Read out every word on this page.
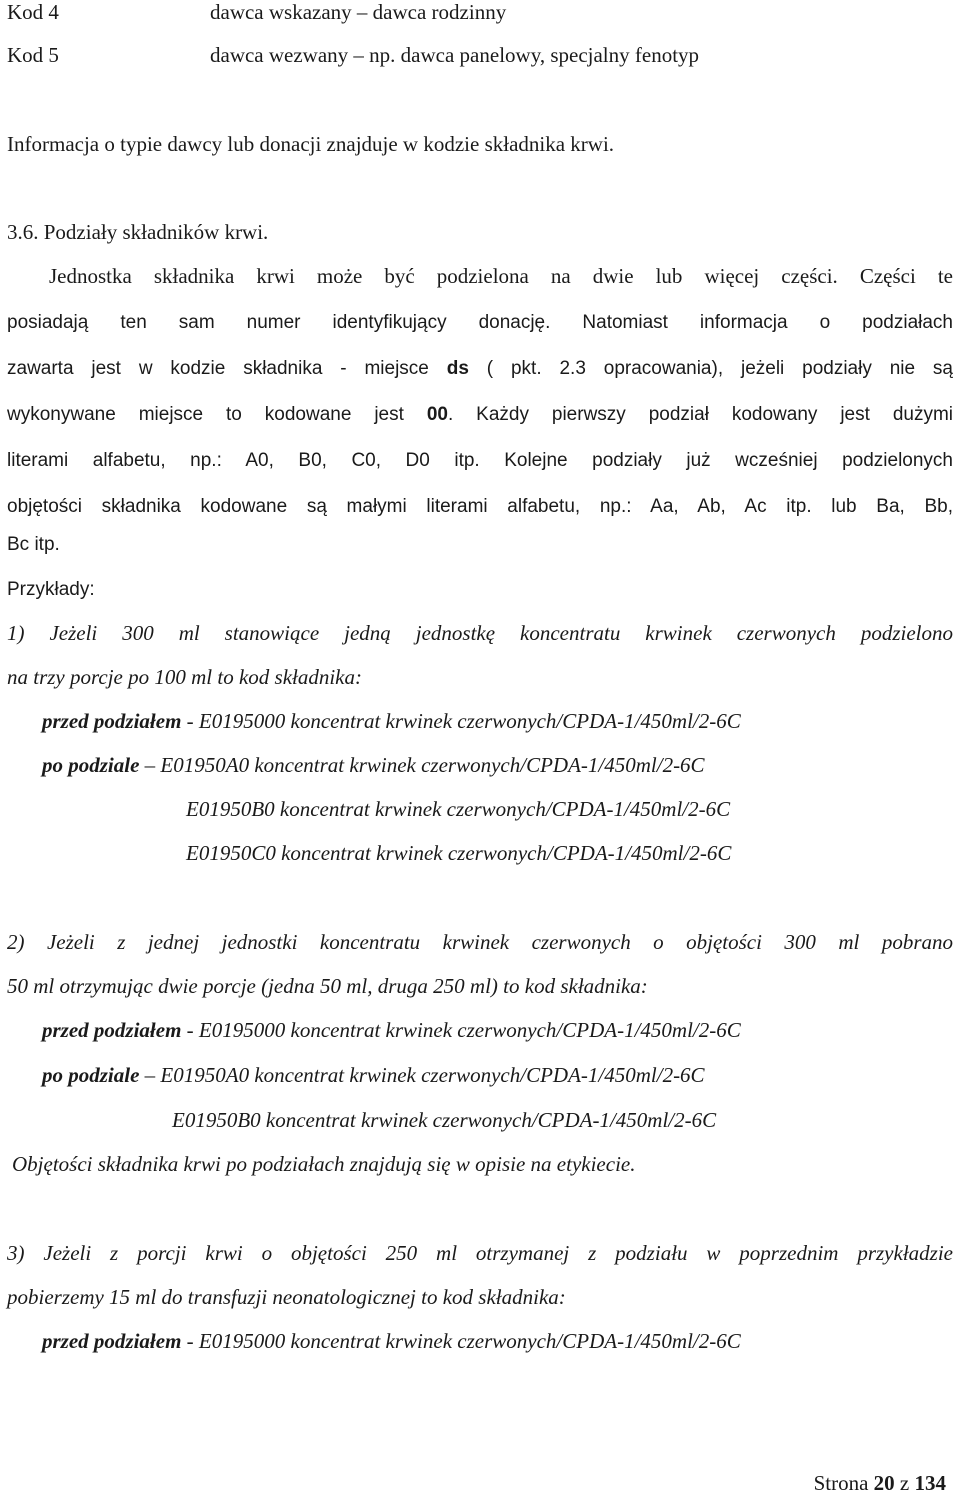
Kod 4	dawca wskazany – dawca rodzinny
Kod 5	dawca wezwany – np. dawca panelowy, specjalny fenotyp
Informacja o typie dawcy lub donacji znajduje w kodzie składnika krwi.
3.6. Podziały składników krwi.
Jednostka składnika krwi może być podzielona na dwie lub więcej części. Części te
posiadają ten sam numer identyfikujący donację. Natomiast informacja o podziałach
zawarta jest w kodzie składnika - miejsce ds ( pkt. 2.3 opracowania), jeżeli podziały nie są
wykonywane miejsce to kodowane jest 00. Każdy pierwszy podział kodowany jest dużymi
literami alfabetu, np.: A0, B0, C0, D0 itp. Kolejne podziały już wcześniej podzielonych
objętości składnika kodowane są małymi literami alfabetu, np.: Aa, Ab, Ac itp. lub Ba, Bb,
Bc itp.
Przykłady:
1) Jeżeli 300 ml stanowiące jedną jednostkę koncentratu krwinek czerwonych podzielono
na trzy porcje po 100 ml to kod składnika:
przed podziałem - E0195000 koncentrat krwinek czerwonych/CPDA-1/450ml/2-6C
po podziale – E01950A0 koncentrat krwinek czerwonych/CPDA-1/450ml/2-6C
E01950B0 koncentrat krwinek czerwonych/CPDA-1/450ml/2-6C
E01950C0 koncentrat krwinek czerwonych/CPDA-1/450ml/2-6C
2) Jeżeli z jednej jednostki koncentratu krwinek czerwonych o objętości 300 ml pobrano
50 ml otrzymując dwie porcje (jedna 50 ml, druga 250 ml) to kod składnika:
przed podziałem - E0195000 koncentrat krwinek czerwonych/CPDA-1/450ml/2-6C
po podziale – E01950A0 koncentrat krwinek czerwonych/CPDA-1/450ml/2-6C
E01950B0 koncentrat krwinek czerwonych/CPDA-1/450ml/2-6C
Objętości składnika krwi po podziałach znajdują się w opisie na etykiecie.
3) Jeżeli z porcji krwi o objętości 250 ml otrzymanej z podziału w poprzednim przykładzie
pobierzemy 15 ml do transfuzji neonatologicznej to kod składnika:
przed podziałem - E0195000 koncentrat krwinek czerwonych/CPDA-1/450ml/2-6C
Strona 20 z 134
